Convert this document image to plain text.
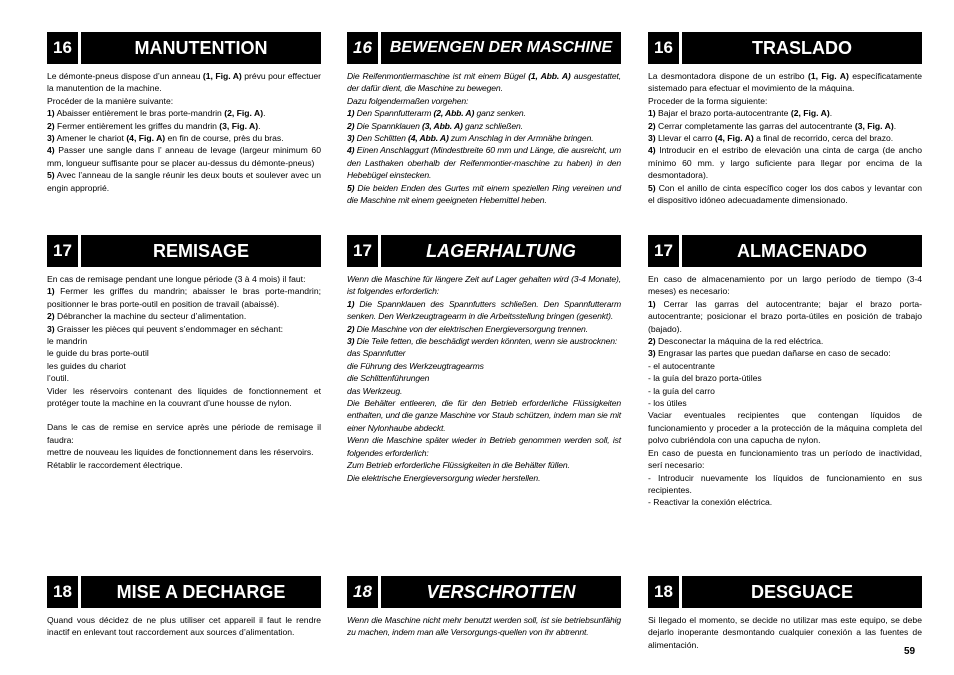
16	MANUTENTION

Le démonte-pneus dispose d’un anneau (1, Fig. A) prévu pour effectuer la manutention de la machine.

Procéder de la manière suivante:

1) Abaisser entièrement le bras porte-mandrin (2, Fig. A).

2) Fermer entièrement les griffes du mandrin (3, Fig. A).

3) Amener le chariot (4, Fig. A) en fin de course, près du bras.

4) Passer une sangle dans l’ anneau de levage (largeur minimum 60 mm, longueur suffisante pour se placer au-dessus du démonte-pneus)

5) Avec l’anneau de la sangle réunir les deux bouts et soulever avec un engin approprié.

16	BEWENGEN DER MASCHINE

Die Reifenmontiermaschine ist mit einem Bügel (1, Abb. A) ausgestattet, der dafür dient, die Maschine zu bewegen.

Dazu folgendermaßen vorgehen:

1) Den Spannfutterarm (2, Abb. A) ganz senken.

2) Die Spannklauen (3, Abb. A) ganz schließen.

3) Den Schlitten (4, Abb. A) zum Anschlag in der Armnähe bringen.

4) Einen Anschlaggurt (Mindestbreite 60 mm und Länge, die ausreicht, um den Lasthaken oberhalb der Reifenmontier-maschine zu haben) in den Hebebügel einstecken.

5) Die beiden Enden des Gurtes mit einem speziellen Ring vereinen und die Maschine mit einem geeigneten Hebemittel heben.

16	TRASLADO

La desmontadora dispone de un estribo (1, Fig. A) específicatamente sistemado para efectuar el movimiento de la máquina.

Proceder de la forma siguiente:

1) Bajar el brazo porta-autocentrante (2, Fig. A).

2) Cerrar completamente las garras del autocentrante (3, Fig. A).

3) Llevar el carro (4, Fig. A) a final de recorrido, cerca del brazo.

4) Introducir en el estribo de elevación una cinta de carga (de ancho mínimo 60 mm. y largo suficiente para llegar por encima de la desmontadora).

5) Con el anillo de cinta específico coger los dos cabos y levantar con el dispositivo idóneo adecuadamente dimensionado.

17	REMISAGE

En cas de remisage pendant une longue période (3 à 4 mois) il faut:

1) Fermer les griffes du mandrin; abaisser le bras porte-mandrin; positionner le bras porte-outil en position de travail (abaissé).

2) Débrancher la machine du secteur d’alimentation.

3) Graisser les pièces qui peuvent s’endommager en séchant:

le mandrin

le guide du bras porte-outil

les guides du chariot

l’outil.

Vider les réservoirs contenant des liquides de fonctionnement et protéger toute la machine en la couvrant d’une housse de nylon.

Dans le cas de remise en service après une période de remisage il faudra:

mettre de nouveau les liquides de fonctionnement dans les réservoirs.

Rétablir le raccordement électrique.

17	LAGERHALTUNG

Wenn die Maschine für längere Zeit auf Lager gehalten wird (3-4 Monate), ist folgendes erforderlich:

1) Die Spannklauen des Spannfutters schließen. Den Spannfutterarm senken. Den Werkzeugtragearm in die Arbeitsstellung bringen (gesenkt).

2) Die Maschine von der elektrischen Energieversorgung trennen.

3) Die Teile fetten, die beschädigt werden könnten, wenn sie austrocknen:

das Spannfutter

die Führung des Werkzeugtragearms

die Schlittenführungen

das Werkzeug.

Die Behälter entleeren, die für den Betrieb erforderliche Flüssigkeiten enthalten, und die ganze Maschine vor Staub schützen, indem man sie mit einer Nylonhaube abdeckt.

Wenn die Maschine später wieder in Betrieb genommen werden soll, ist folgendes erforderlich:

Zum Betrieb erforderliche Flüssigkeiten in die Behälter füllen.

Die elektrische Energieversorgung wieder herstellen.

17	ALMACENADO

En caso de almacenamiento por un largo período de tiempo (3-4 meses) es necesario:

1) Cerrar las garras del autocentrante; bajar el brazo porta-autocentrante; posicionar el brazo porta-útiles en posición de trabajo (bajado).

2) Desconectar la máquina de la red eléctrica.

3) Engrasar las partes que puedan dañarse en caso de secado:

- el autocentrante

- la guía del brazo porta-útiles

- la guía del carro

- los útiles

Vaciar eventuales recipientes que contengan líquidos de funcionamiento y proceder a la protección de la máquina completa del polvo cubriéndola con una capucha de nylon.

En caso de puesta en funcionamiento tras un período de inactividad, serí necesario:

- Introducir nuevamente los líquidos de funcionamiento en sus recipientes.

- Reactivar la conexión eléctrica.

18	MISE A DECHARGE

Quand vous décidez de ne plus utiliser cet appareil il faut le rendre inactif en enlevant tout raccordement aux sources d’alimentation.

18	VERSCHROTTEN

Wenn die Maschine nicht mehr benutzt werden soll, ist sie betriebsunfähig zu machen, indem man alle Versorgungs-quellen von ihr abtrennt.

18	DESGUACE

Si llegado el momento, se decide no utilizar mas este equipo, se debe dejarlo inoperante desmontando cualquier conexión a las fuentes de alimentación.

59
